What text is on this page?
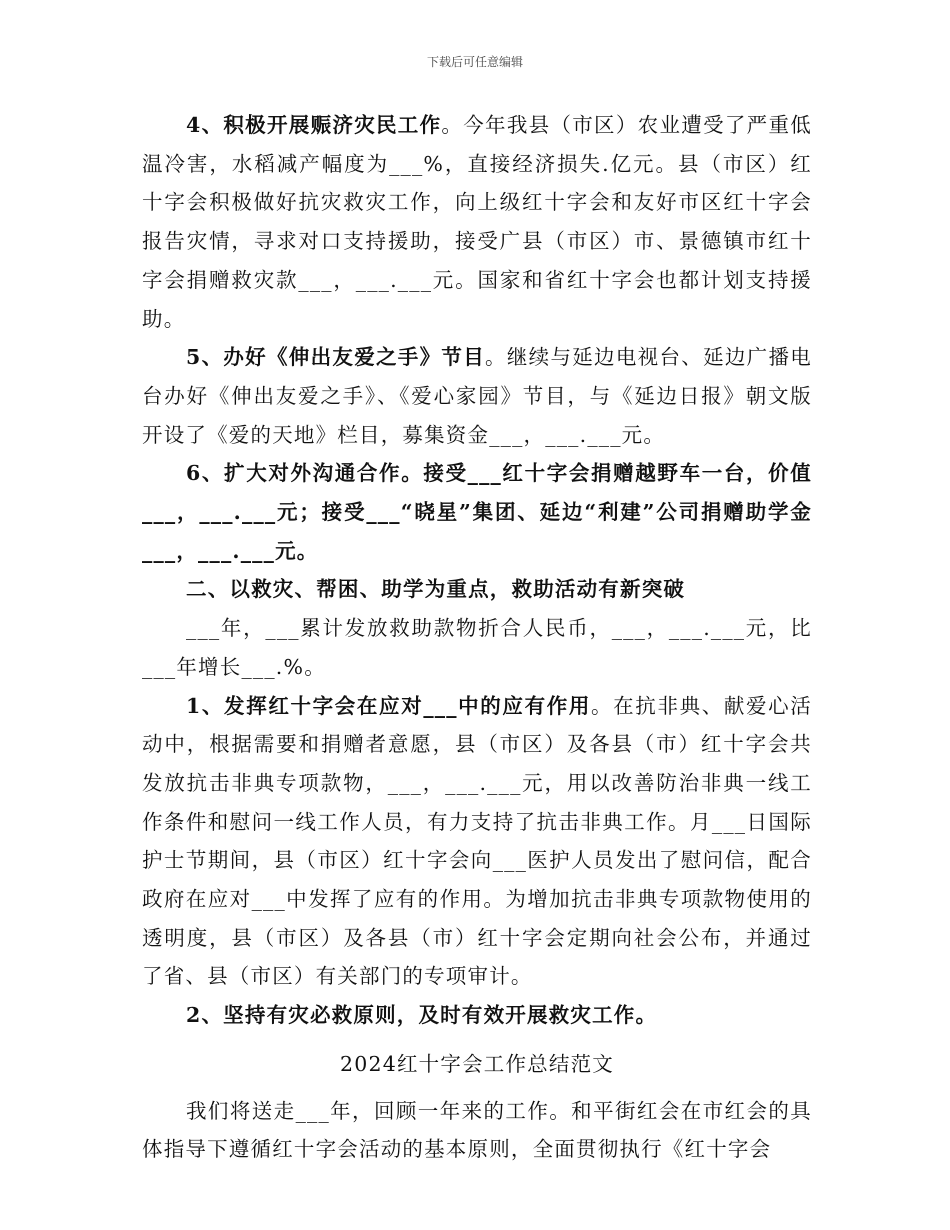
下载后可任意编辑

4、积极开展赈济灾民工作。今年我县（市区）农业遭受了严重低温冷害，水稻减产幅度为___%，直接经济损失.亿元。县（市区）红十字会积极做好抗灾救灾工作，向上级红十字会和友好市区红十字会报告灾情，寻求对口支持援助，接受广县（市区）市、景德镇市红十字会捐赠救灾款___，___.___元。国家和省红十字会也都计划支持援助。

5、办好《伸出友爱之手》节目。继续与延边电视台、延边广播电台办好《伸出友爱之手》、《爱心家园》节目，与《延边日报》朝文版开设了《爱的天地》栏目，募集资金___，___.___元。

6、扩大对外沟通合作。接受___红十字会捐赠越野车一台，价值___，___.___元；接受___“晓星”集团、延边“利建”公司捐赠助学金___，___.___元。

二、以救灾、帮困、助学为重点，救助活动有新突破

___年，___累计发放救助款物折合人民币，___，___.___元，比___年增长___.%。

1、发挥红十字会在应对___中的应有作用。在抗非典、献爱心活动中，根据需要和捐赠者意愿，县（市区）及各县（市）红十字会共发放抗击非典专项款物，___，___.___元，用以改善防治非典一线工作条件和慰问一线工作人员，有力支持了抗击非典工作。月___日国际护士节期间，县（市区）红十字会向___医护人员发出了慰问信，配合政府在应对___中发挥了应有的作用。为增加抗击非典专项款物使用的透明度，县（市区）及各县（市）红十字会定期向社会公布，并通过了省、县（市区）有关部门的专项审计。

2、坚持有灾必救原则，及时有效开展救灾工作。

2024红十字会工作总结范文

我们将送走___年，回顾一年来的工作。和平街红会在市红会的具体指导下遵循红十字会活动的基本原则，全面贯彻执行《红十字会
